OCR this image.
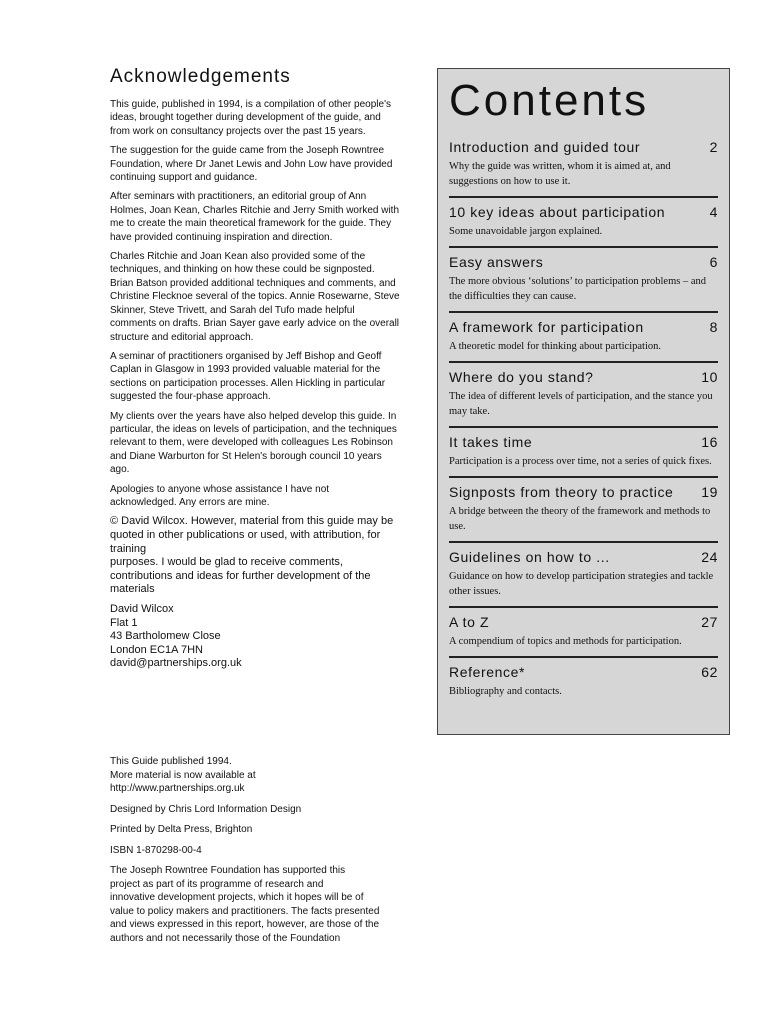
Acknowledgements

This guide, published in 1994, is a compilation of other people's
ideas, brought together during development of the guide, and
from work on consultancy projects over the past 15 years.

The suggestion for the guide came from the Joseph Rowntree
Foundation, where Dr Janet Lewis and John Low have provided
continuing support and guidance.

After seminars with practitioners, an editorial group of Ann
Holmes, Joan Kean, Charles Ritchie and Jerry Smith worked with
me to create the main theoretical framework for the guide. They
have provided continuing inspiration and direction.

Charles Ritchie and Joan Kean also provided some of the
techniques, and thinking on how these could be signposted.
Brian Batson provided additional techniques and comments, and
Christine Flecknoe several of the topics. Annie Rosewarne, Steve
Skinner, Steve Trivett, and Sarah del Tufo made helpful
comments on drafts. Brian Sayer gave early advice on the overall
structure and editorial approach.

A seminar of practitioners organised by Jeff Bishop and Geoff
Caplan in Glasgow in 1993 provided valuable material for the
sections on participation processes. Allen Hickling in particular
suggested the four-phase approach.

My clients over the years have also helped develop this guide. In
particular, the ideas on levels of participation, and the techniques
relevant to them, were developed with colleagues Les Robinson
and Diane Warburton for St Helen's borough council 10 years
ago.

Apologies to anyone whose assistance I have not
acknowledged. Any errors are mine.

© David Wilcox. However, material from this guide may be
quoted in other publications or used, with attribution, for training
purposes. I would be glad to receive comments,
contributions and ideas for further development of the
materials

David Wilcox
Flat 1
43 Bartholomew Close
London EC1A 7HN
david@partnerships.org.uk

This Guide published 1994.
More material is now available at
http://www.partnerships.org.uk

Designed by Chris Lord Information Design

Printed by Delta Press, Brighton

ISBN 1-870298-00-4

The Joseph Rowntree Foundation has supported this
project as part of its programme of research and
innovative development projects, which it hopes will be of
value to policy makers and practitioners. The facts presented
and views expressed in this report, however, are those of the
authors and not necessarily those of the Foundation

Contents
Introduction and guided tour	2
Why the guide was written, whom it is aimed at, and suggestions on how to use it.
10 key ideas about participation	4
Some unavoidable jargon explained.
Easy answers	6
The more obvious ‘solutions’ to participation problems – and the difficulties they can cause.
A framework for participation	8
A theoretic model for thinking about participation.
Where do you stand?	10
The idea of different levels of participation, and the stance you may take.
It takes time	16
Participation is a process over time, not a series of quick fixes.
Signposts from theory to practice 19
A bridge between the theory of the framework and methods to use.
Guidelines on how to ...	24
Guidance on how to develop participation strategies and tackle other issues.
A to Z	27
A compendium of topics and methods for participation.
Reference*	62
Bibliography and contacts.
